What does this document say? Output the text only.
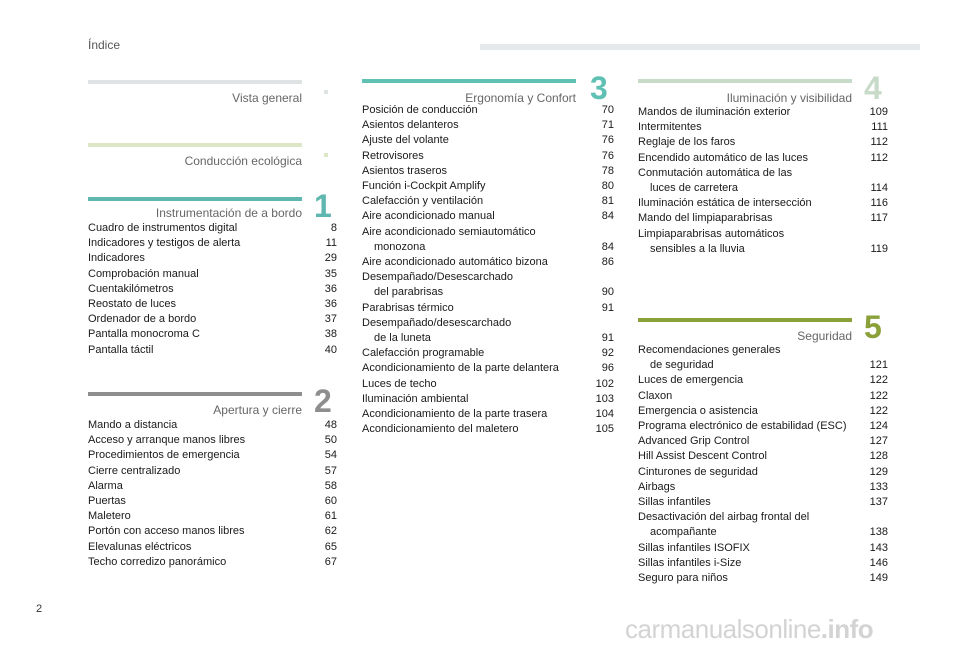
Índice
Vista general
Conducción ecológica
1
Instrumentación de a bordo
Cuadro de instrumentos digital	8
Indicadores y testigos de alerta	11
Indicadores	29
Comprobación manual	35
Cuentakilómetros	36
Reostato de luces	36
Ordenador de a bordo	37
Pantalla monocroma C	38
Pantalla táctil	40
2
Apertura y cierre
Mando a distancia	48
Acceso y arranque manos libres	50
Procedimientos de emergencia	54
Cierre centralizado	57
Alarma	58
Puertas	60
Maletero	61
Portón con acceso manos libres	62
Elevalunas eléctricos	65
Techo corredizo panorámico	67
3
Ergonomía y Confort
Posición de conducción	70
Asientos delanteros	71
Ajuste del volante	76
Retrovisores	76
Asientos traseros	78
Función i-Cockpit Amplify	80
Calefacción y ventilación	81
Aire acondicionado manual	84
Aire acondicionado semiautomático
monozona	84
Aire acondicionado automático bizona	86
Desempañado/Desescarchado
del parabrisas	90
Parabrisas térmico	91
Desempañado/desescarchado
de la luneta	91
Calefacción programable	92
Acondicionamiento de la parte delantera	96
Luces de techo	102
Iluminación ambiental	103
Acondicionamiento de la parte trasera	104
Acondicionamiento del maletero	105
4
Iluminación y visibilidad
Mandos de iluminación exterior	109
Intermitentes	111
Reglaje de los faros	112
Encendido automático de las luces	112
Conmutación automática de las
luces de carretera	114
Iluminación estática de intersección	116
Mando del limpiaparabrisas	117
Limpiaparabrisas automáticos
sensibles a la lluvia	119
5
Seguridad
Recomendaciones generales
de seguridad	121
Luces de emergencia	122
Claxon	122
Emergencia o asistencia	122
Programa electrónico de estabilidad (ESC)	124
Advanced Grip Control	127
Hill Assist Descent Control	128
Cinturones de seguridad	129
Airbags	133
Sillas infantiles	137
Desactivación del airbag frontal del
acompañante	138
Sillas infantiles ISOFIX	143
Sillas infantiles i-Size	146
Seguro para niños	149
2
carmanualsonline.info
